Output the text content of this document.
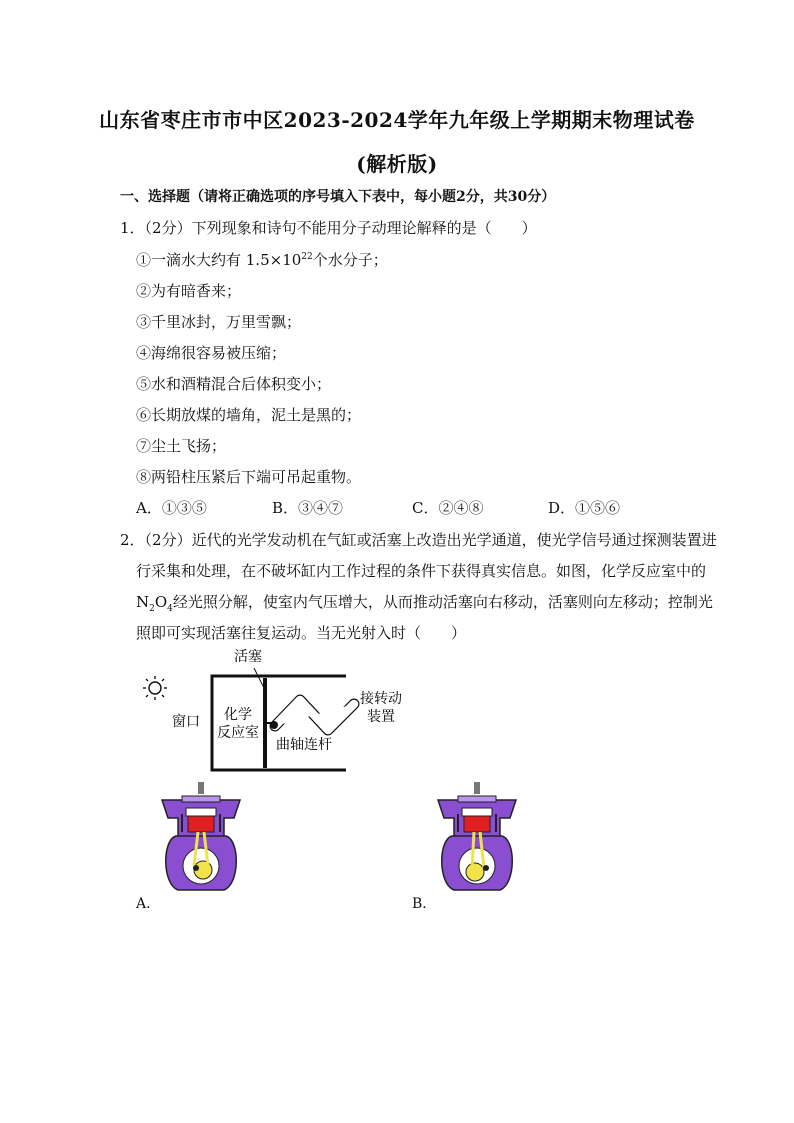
山东省枣庄市市中区2023-2024学年九年级上学期期末物理试卷
(解析版)
一、选择题（请将正确选项的序号填入下表中，每小题2分，共30分）
1．（2分）下列现象和诗句不能用分子动理论解释的是（　　）
①一滴水大约有 $1.5\times 10^{22}$个水分子；
②为有暗香来；
③千里冰封，万里雪飘；
④海绵很容易被压缩；
⑤水和酒精混合后体积变小；
⑥长期放煤的墙角，泥土是黑的；
⑦尘土飞扬；
⑧两铅柱压紧后下端可吊起重物。
A．①③⑤	B．③④⑦	C．②④⑧	D．①⑤⑥
2．（2分）近代的光学发动机在气缸或活塞上改造出光学通道，使光学信号通过探测装置进
行采集和处理，在不破坏缸内工作过程的条件下获得真实信息。如图，化学反应室中的
$N_2O_4$经光照分解，使室内气压增大，从而推动活塞向右移动，活塞则向左移动；控制光
照即可实现活塞往复运动。当无光射入时（　　）
活塞
窗口 化学
反应室
曲轴连杆
接转动
装置
A．	B．
